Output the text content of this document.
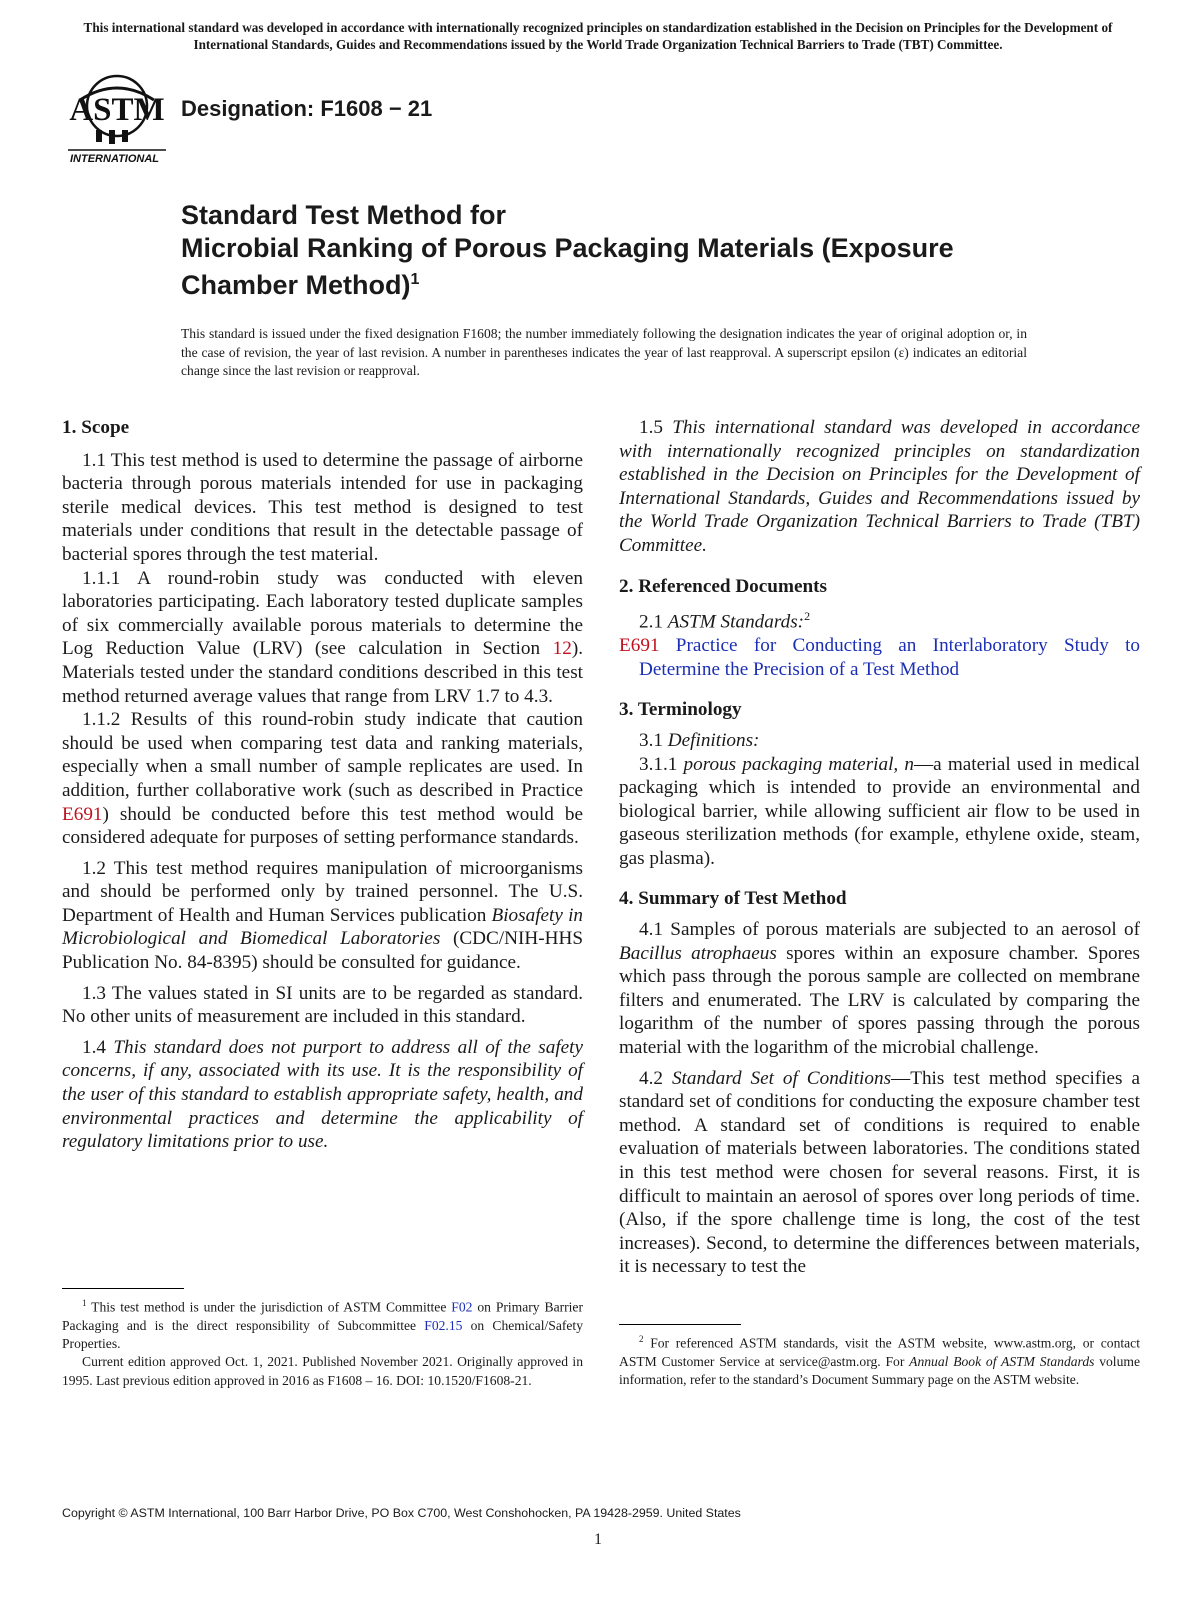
This international standard was developed in accordance with internationally recognized principles on standardization established in the Decision on Principles for the Development of International Standards, Guides and Recommendations issued by the World Trade Organization Technical Barriers to Trade (TBT) Committee.
ASTM
INTERNATIONAL
Designation: F1608 − 21
Standard Test Method for
Microbial Ranking of Porous Packaging Materials (Exposure
Chamber Method)$^1$
This standard is issued under the fixed designation F1608; the number immediately following the designation indicates the year of original adoption or, in the case of revision, the year of last revision. A number in parentheses indicates the year of last reapproval. A superscript epsilon (ε) indicates an editorial change since the last revision or reapproval.
1. Scope

1.1 This test method is used to determine the passage of airborne bacteria through porous materials intended for use in packaging sterile medical devices. This test method is designed to test materials under conditions that result in the detectable passage of bacterial spores through the test material.

1.1.1 A round-robin study was conducted with eleven laboratories participating. Each laboratory tested duplicate samples of six commercially available porous materials to determine the Log Reduction Value (LRV) (see calculation in Section 12). Materials tested under the standard conditions described in this test method returned average values that range from LRV 1.7 to 4.3.

1.1.2 Results of this round-robin study indicate that caution should be used when comparing test data and ranking materials, especially when a small number of sample replicates are used. In addition, further collaborative work (such as described in Practice E691) should be conducted before this test method would be considered adequate for purposes of setting performance standards.

1.2 This test method requires manipulation of microorganisms and should be performed only by trained personnel. The U.S. Department of Health and Human Services publication Biosafety in Microbiological and Biomedical Laboratories (CDC/NIH-HHS Publication No. 84-8395) should be consulted for guidance.

1.3 The values stated in SI units are to be regarded as standard. No other units of measurement are included in this standard.

1.4 This standard does not purport to address all of the safety concerns, if any, associated with its use. It is the responsibility of the user of this standard to establish appropriate safety, health, and environmental practices and determine the applicability of regulatory limitations prior to use.

1.5 This international standard was developed in accordance with internationally recognized principles on standardization established in the Decision on Principles for the Development of International Standards, Guides and Recommendations issued by the World Trade Organization Technical Barriers to Trade (TBT) Committee.

2. Referenced Documents

2.1 ASTM Standards:$^2$

E691 Practice for Conducting an Interlaboratory Study to Determine the Precision of a Test Method
3. Terminology

3.1 Definitions:

3.1.1 porous packaging material, n—a material used in medical packaging which is intended to provide an environmental and biological barrier, while allowing sufficient air flow to be used in gaseous sterilization methods (for example, ethylene oxide, steam, gas plasma).

4. Summary of Test Method

4.1 Samples of porous materials are subjected to an aerosol of Bacillus atrophaeus spores within an exposure chamber. Spores which pass through the porous sample are collected on membrane filters and enumerated. The LRV is calculated by comparing the logarithm of the number of spores passing through the porous material with the logarithm of the microbial challenge.

4.2 Standard Set of Conditions—This test method specifies a standard set of conditions for conducting the exposure chamber test method. A standard set of conditions is required to enable evaluation of materials between laboratories. The conditions stated in this test method were chosen for several reasons. First, it is difficult to maintain an aerosol of spores over long periods of time. (Also, if the spore challenge time is long, the cost of the test increases). Second, to determine the differences between materials, it is necessary to test the

$^1$ This test method is under the jurisdiction of ASTM Committee F02 on Primary Barrier Packaging and is the direct responsibility of Subcommittee F02.15 on Chemical/Safety Properties.

Current edition approved Oct. 1, 2021. Published November 2021. Originally approved in 1995. Last previous edition approved in 2016 as F1608 – 16. DOI: 10.1520/F1608-21.

$^2$ For referenced ASTM standards, visit the ASTM website, www.astm.org, or contact ASTM Customer Service at service@astm.org. For Annual Book of ASTM Standards volume information, refer to the standard’s Document Summary page on the ASTM website.

Copyright © ASTM International, 100 Barr Harbor Drive, PO Box C700, West Conshohocken, PA 19428-2959. United States
1
